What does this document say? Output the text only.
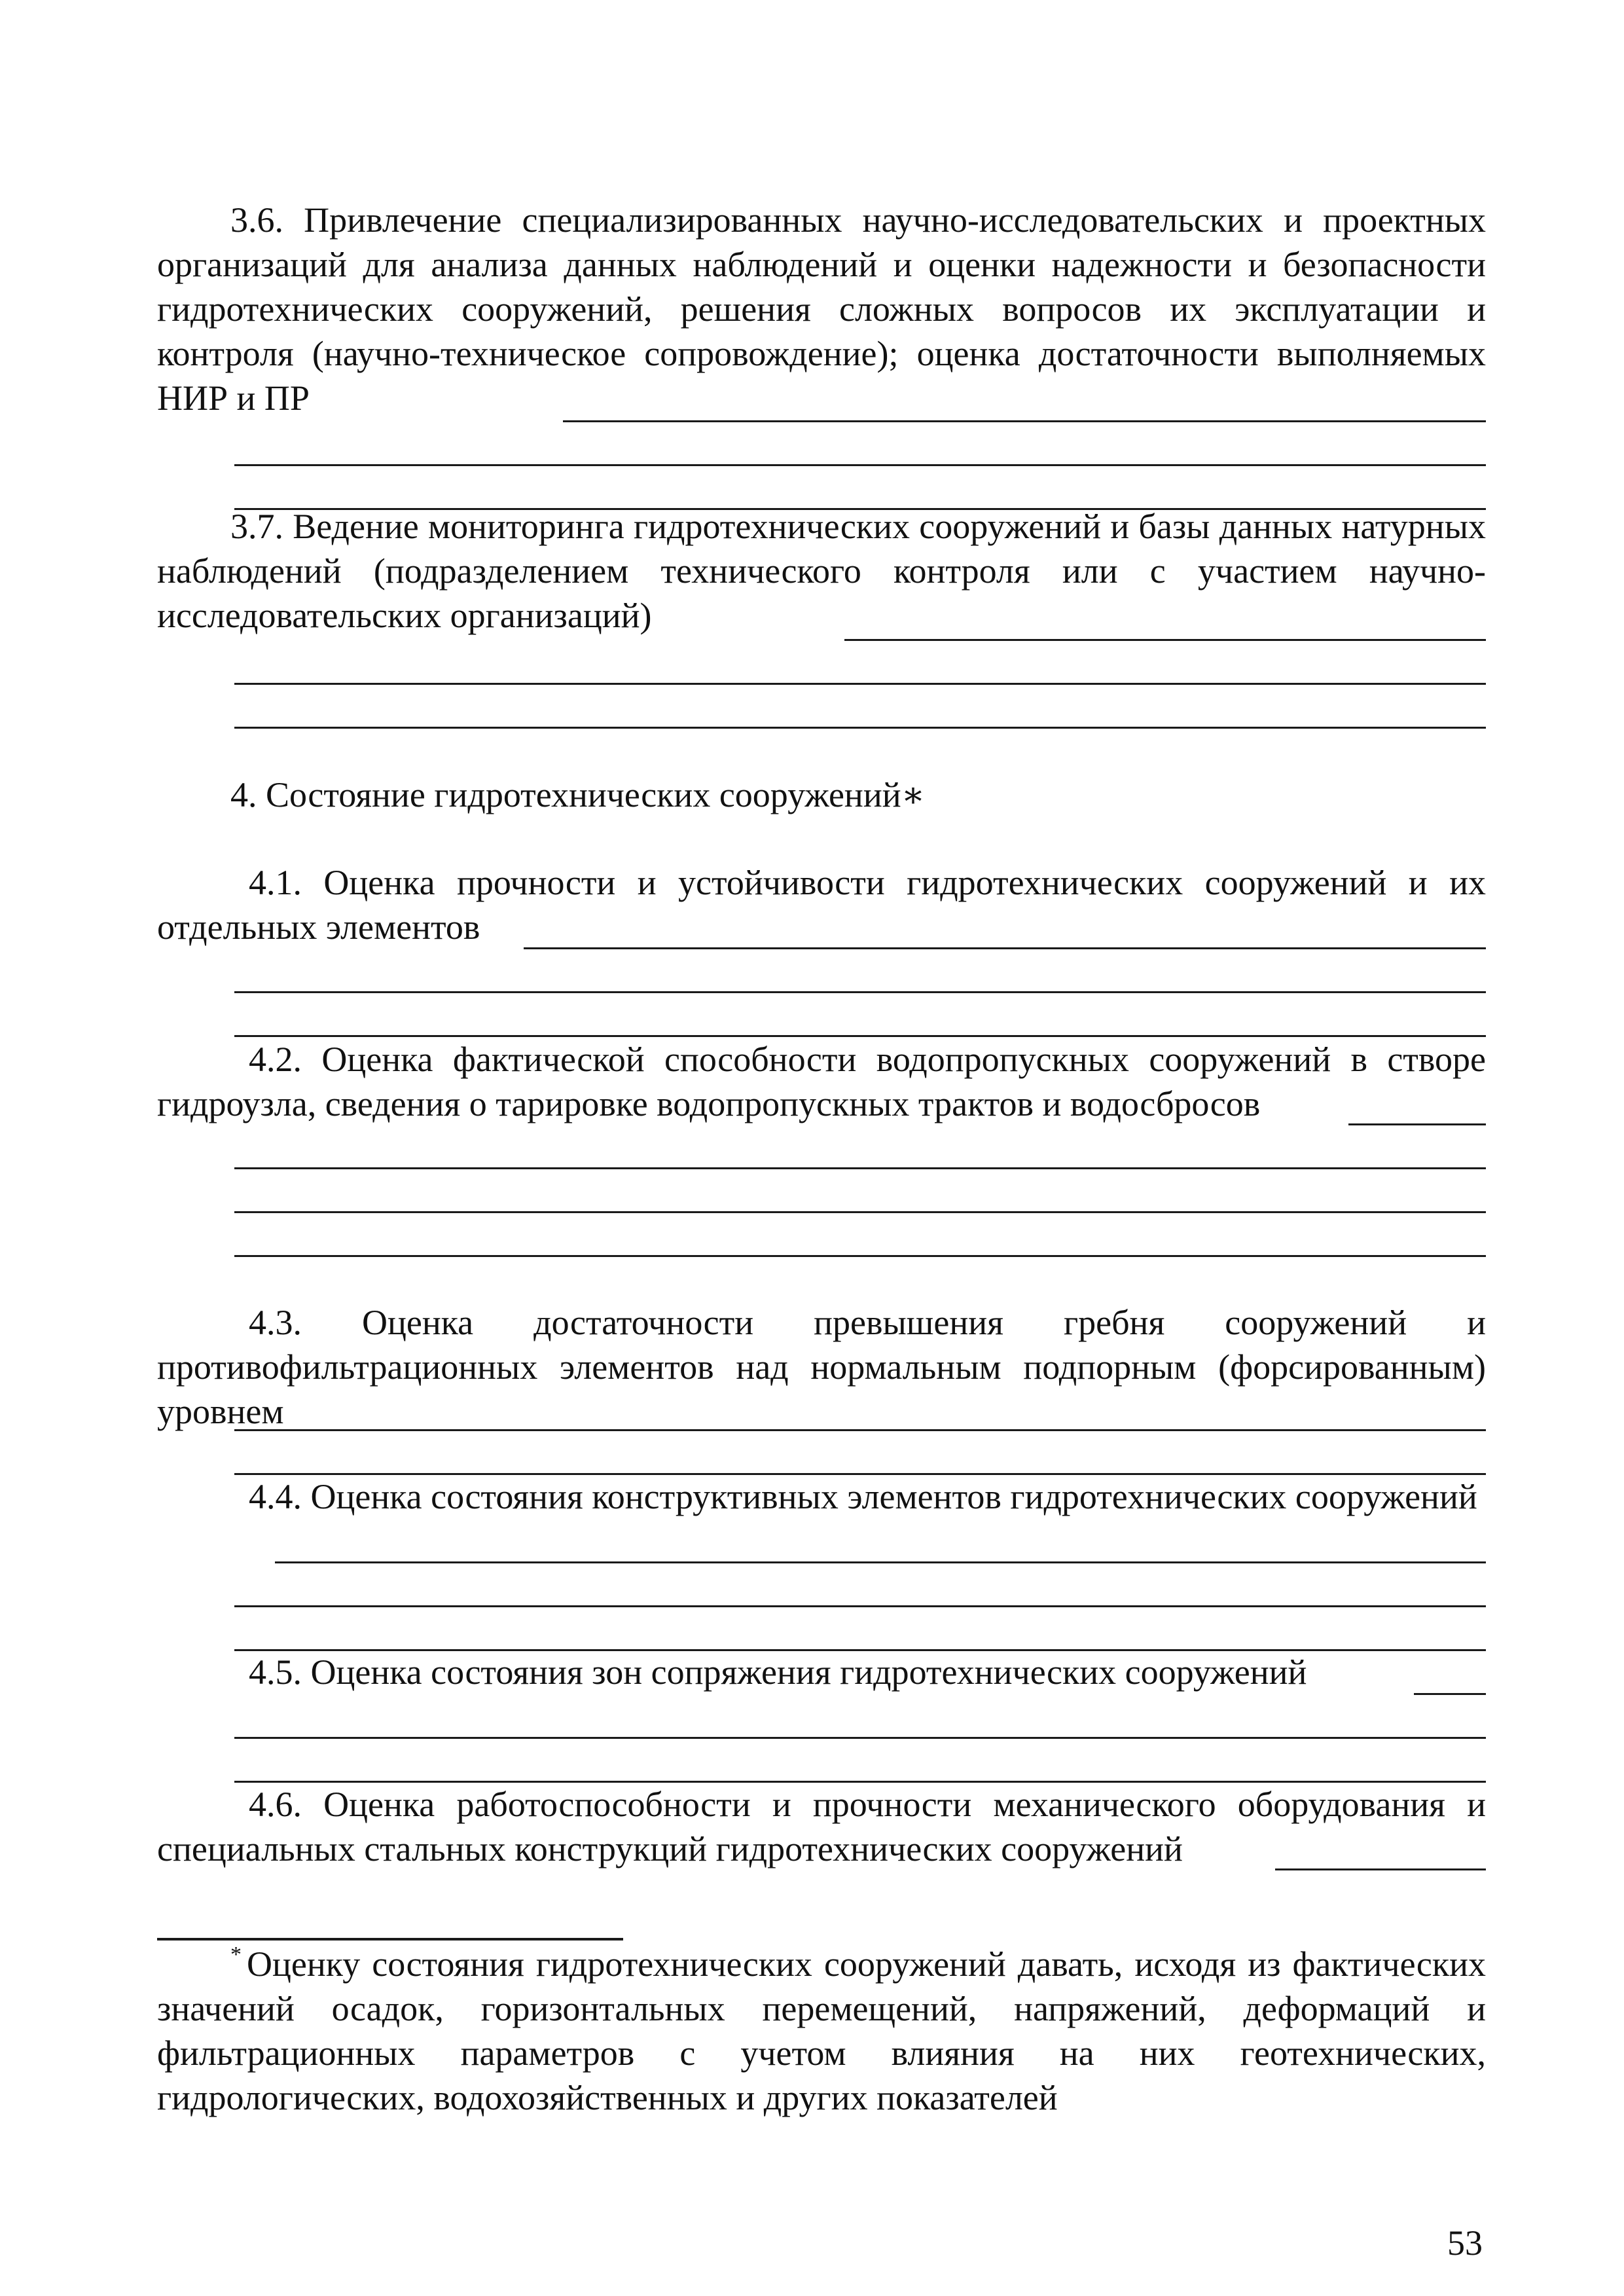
3.6. Привлечение специализированных научно-исследовательских и проектных организаций для анализа данных наблюдений и оценки надежности и безопасности гидротехнических сооружений, решения сложных вопросов их эксплуатации и контроля (научно-техническое сопровождение); оценка достаточности выполняемых НИР и ПР

3.7. Ведение мониторинга гидротехнических сооружений и базы данных натурных наблюдений (подразделением технического контроля или с участием научно-исследовательских организаций)

4. Состояние гидротехнических сооружений∗

4.1. Оценка прочности и устойчивости гидротехнических сооружений и их отдельных элементов

4.2. Оценка фактической способности водопропускных сооружений в створе гидроузла, сведения о тарировке водопропускных трактов и водосбросов

4.3. Оценка достаточности превышения гребня сооружений и противофильтрационных элементов над нормальным подпорным (форсированным) уровнем

4.4. Оценка состояния конструктивных элементов гидротехнических сооружений

4.5. Оценка состояния зон сопряжения гидротехнических сооружений

4.6. Оценка работоспособности и прочности механического оборудования и специальных стальных конструкций гидротехнических сооружений

* Оценку состояния гидротехнических сооружений давать, исходя из фактических значений осадок, горизонтальных перемещений, напряжений, деформаций и фильтрационных параметров с учетом влияния на них геотехнических, гидрологических, водохозяйственных и других показателей

53
